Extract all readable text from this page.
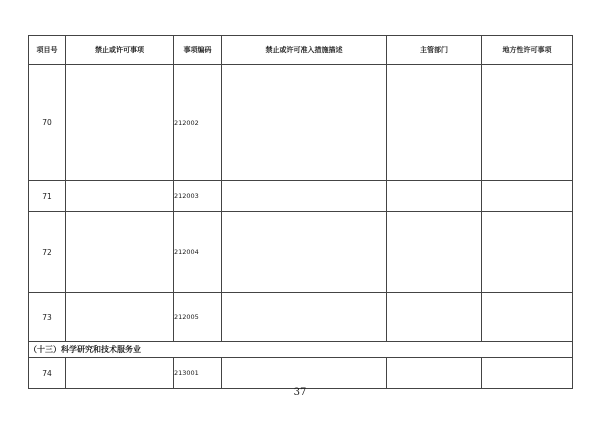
项目号	禁止或许可事项	事项编码	禁止或许可准入措施描述	主管部门	地方性许可事项
70		212002			
71		212003			
72		212004			
73		212005			
（十三）科学研究和技术服务业					
74		213001			
37
